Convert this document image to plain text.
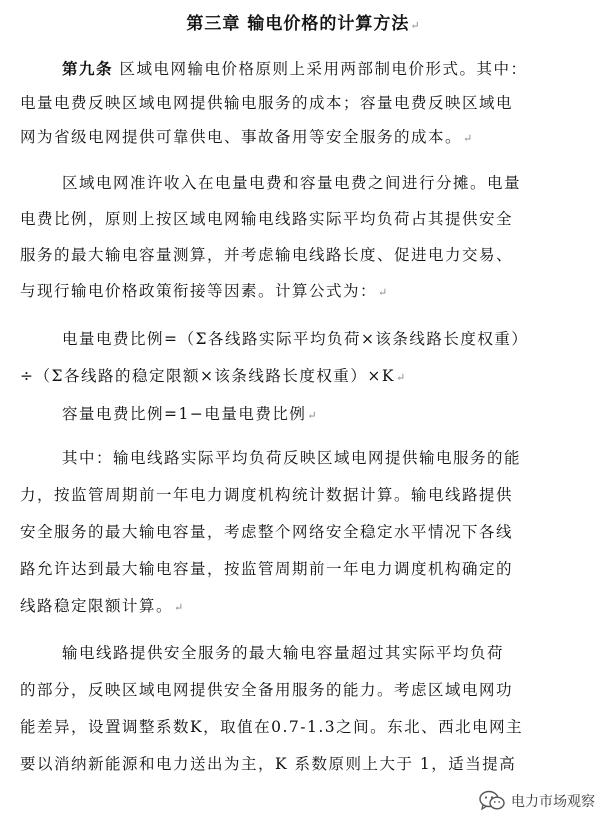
第三章 输电价格的计算方法↵
第九条 区域电网输电价格原则上采用两部制电价形式。其中：
电量电费反映区域电网提供输电服务的成本；容量电费反映区域电
网为省级电网提供可靠供电、事故备用等安全服务的成本。↵
区域电网准许收入在电量电费和容量电费之间进行分摊。电量
电费比例，原则上按区域电网输电线路实际平均负荷占其提供安全
服务的最大输电容量测算，并考虑输电线路长度、促进电力交易、
与现行输电价格政策衔接等因素。计算公式为：↵
电量电费比例=（Σ各线路实际平均负荷×该条线路长度权重）
÷（Σ各线路的稳定限额×该条线路长度权重）×K↵
容量电费比例=1−电量电费比例↵
其中：输电线路实际平均负荷反映区域电网提供输电服务的能
力，按监管周期前一年电力调度机构统计数据计算。输电线路提供
安全服务的最大输电容量，考虑整个网络安全稳定水平情况下各线
路允许达到最大输电容量，按监管周期前一年电力调度机构确定的
线路稳定限额计算。↵
输电线路提供安全服务的最大输电容量超过其实际平均负荷
的部分，反映区域电网提供安全备用服务的能力。考虑区域电网功
能差异，设置调整系数K，取值在0.7-1.3之间。东北、西北电网主
要以消纳新能源和电力送出为主，K 系数原则上大于 1，适当提高
电力市场观察
